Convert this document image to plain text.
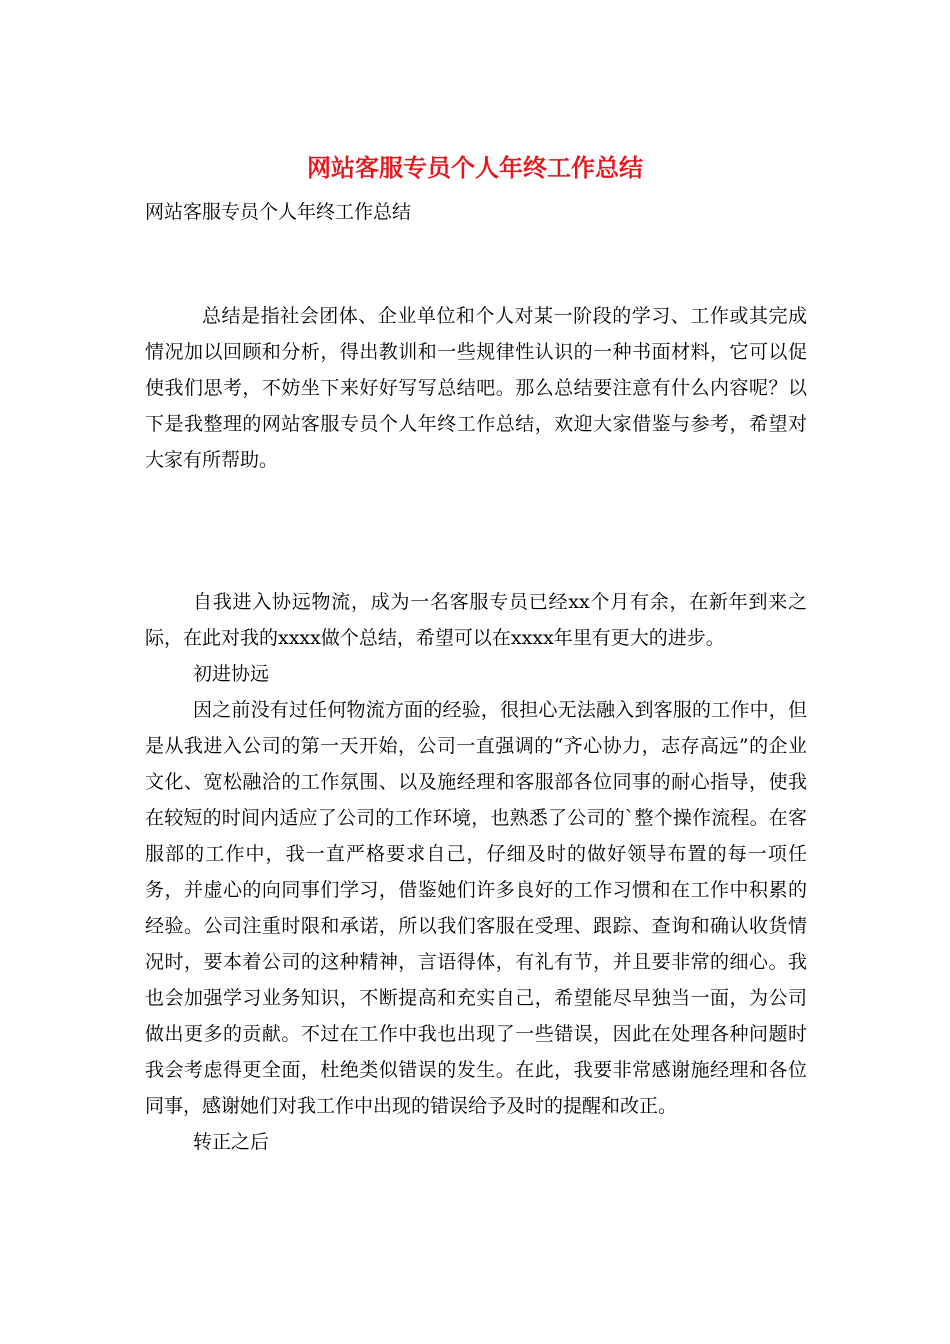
网站客服专员个人年终工作总结

网站客服专员个人年终工作总结

总结是指社会团体、企业单位和个人对某一阶段的学习、工作或其完成情况加以回顾和分析，得出教训和一些规律性认识的一种书面材料，它可以促使我们思考，不妨坐下来好好写写总结吧。那么总结要注意有什么内容呢？以下是我整理的网站客服专员个人年终工作总结，欢迎大家借鉴与参考，希望对大家有所帮助。

自我进入协远物流，成为一名客服专员已经xx个月有余，在新年到来之际，在此对我的xxxx做个总结，希望可以在xxxx年里有更大的进步。

初进协远

因之前没有过任何物流方面的经验，很担心无法融入到客服的工作中，但是从我进入公司的第一天开始，公司一直强调的“齐心协力，志存高远”的企业文化、宽松融洽的工作氛围、以及施经理和客服部各位同事的耐心指导，使我在较短的时间内适应了公司的工作环境，也熟悉了公司的`整个操作流程。在客服部的工作中，我一直严格要求自己，仔细及时的做好领导布置的每一项任务，并虚心的向同事们学习，借鉴她们许多良好的工作习惯和在工作中积累的经验。公司注重时限和承诺，所以我们客服在受理、跟踪、查询和确认收货情况时，要本着公司的这种精神，言语得体，有礼有节，并且要非常的细心。我也会加强学习业务知识，不断提高和充实自己，希望能尽早独当一面，为公司做出更多的贡献。不过在工作中我也出现了一些错误，因此在处理各种问题时我会考虑得更全面，杜绝类似错误的发生。在此，我要非常感谢施经理和各位同事，感谢她们对我工作中出现的错误给予及时的提醒和改正。

转正之后
